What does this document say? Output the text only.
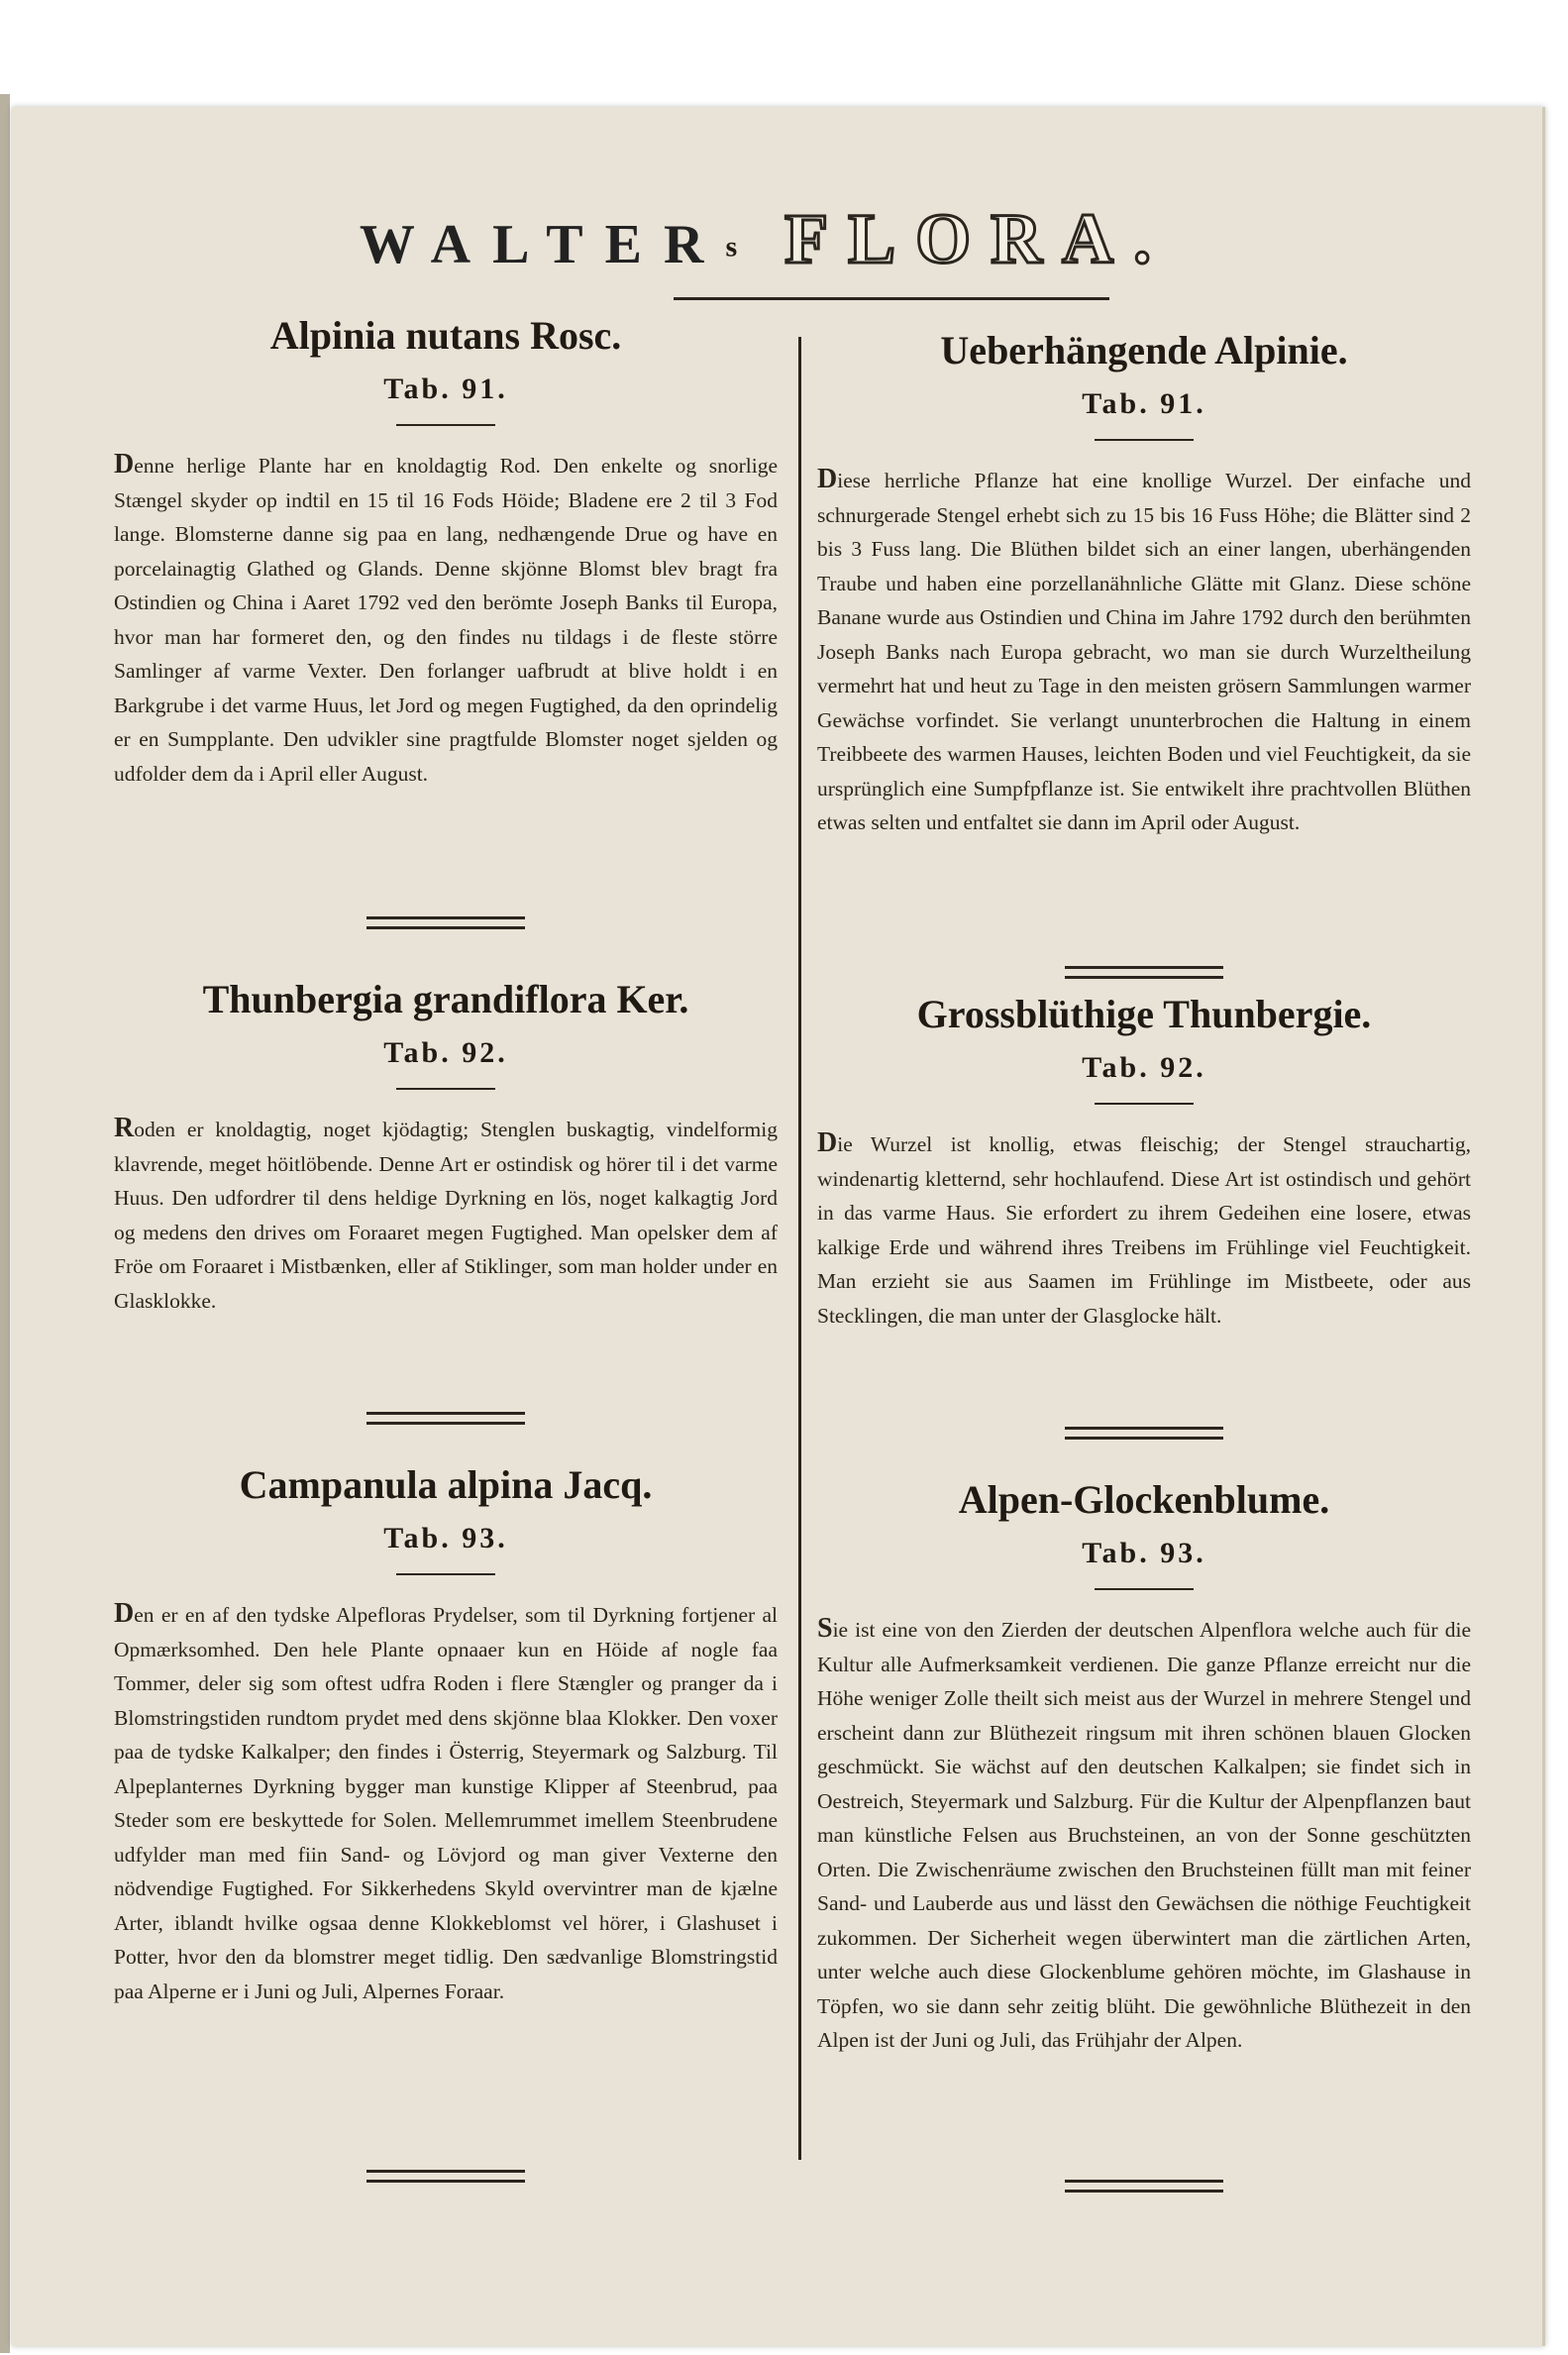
WALTERs FLORA.
Alpinia nutans Rosc.
Tab. 91.

Denne herlige Plante har en knoldagtig Rod. Den enkelte og snorlige Stængel skyder op indtil en 15 til 16 Fods Höide; Bladene ere 2 til 3 Fod lange. Blomsterne danne sig paa en lang, nedhængende Drue og have en porcelainagtig Glathed og Glands. Denne skjönne Blomst blev bragt fra Ostindien og China i Aaret 1792 ved den berömte Joseph Banks til Europa, hvor man har formeret den, og den findes nu tildags i de fleste större Samlinger af varme Vexter. Den forlanger uafbrudt at blive holdt i en Barkgrube i det varme Huus, let Jord og megen Fugtighed, da den oprindelig er en Sumpplante. Den udvikler sine pragtfulde Blomster noget sjelden og udfolder dem da i April eller August.

Thunbergia grandiflora Ker.
Tab. 92.

Roden er knoldagtig, noget kjödagtig; Stenglen buskagtig, vindelformig klavrende, meget höitlöbende. Denne Art er ostindisk og hörer til i det varme Huus. Den udfordrer til dens heldige Dyrkning en lös, noget kalkagtig Jord og medens den drives om Foraaret megen Fugtighed. Man opelsker dem af Fröe om Foraaret i Mistbænken, eller af Stiklinger, som man holder under en Glasklokke.

Campanula alpina Jacq.
Tab. 93.

Den er en af den tydske Alpefloras Prydelser, som til Dyrkning fortjener al Opmærksomhed. Den hele Plante opnaaer kun en Höide af nogle faa Tommer, deler sig som oftest udfra Roden i flere Stængler og pranger da i Blomstringstiden rundtom prydet med dens skjönne blaa Klokker. Den voxer paa de tydske Kalkalper; den findes i Österrig, Steyermark og Salzburg. Til Alpeplanternes Dyrkning bygger man kunstige Klipper af Steenbrud, paa Steder som ere beskyttede for Solen. Mellemrummet imellem Steenbrudene udfylder man med fiin Sand- og Lövjord og man giver Vexterne den nödvendige Fugtighed. For Sikkerhedens Skyld overvintrer man de kjælne Arter, iblandt hvilke ogsaa denne Klokkeblomst vel hörer, i Glashuset i Potter, hvor den da blomstrer meget tidlig. Den sædvanlige Blomstringstid paa Alperne er i Juni og Juli, Alpernes Foraar.

Ueberhängende Alpinie.
Tab. 91.

Diese herrliche Pflanze hat eine knollige Wurzel. Der einfache und schnurgerade Stengel erhebt sich zu 15 bis 16 Fuss Höhe; die Blätter sind 2 bis 3 Fuss lang. Die Blüthen bildet sich an einer langen, uberhängenden Traube und haben eine porzellanähnliche Glätte mit Glanz. Diese schöne Banane wurde aus Ostindien und China im Jahre 1792 durch den berühmten Joseph Banks nach Europa gebracht, wo man sie durch Wurzeltheilung vermehrt hat und heut zu Tage in den meisten grösern Sammlungen warmer Gewächse vorfindet. Sie verlangt ununterbrochen die Haltung in einem Treibbeete des warmen Hauses, leichten Boden und viel Feuchtigkeit, da sie ursprünglich eine Sumpfpflanze ist. Sie entwikelt ihre prachtvollen Blüthen etwas selten und entfaltet sie dann im April oder August.

Grossblüthige Thunbergie.
Tab. 92.

Die Wurzel ist knollig, etwas fleischig; der Stengel strauchartig, windenartig kletternd, sehr hochlaufend. Diese Art ist ostindisch und gehört in das varme Haus. Sie erfordert zu ihrem Gedeihen eine losere, etwas kalkige Erde und während ihres Treibens im Frühlinge viel Feuchtigkeit. Man erzieht sie aus Saamen im Frühlinge im Mistbeete, oder aus Stecklingen, die man unter der Glasglocke hält.

Alpen-Glockenblume.
Tab. 93.

Sie ist eine von den Zierden der deutschen Alpenflora welche auch für die Kultur alle Aufmerksamkeit verdienen. Die ganze Pflanze erreicht nur die Höhe weniger Zolle theilt sich meist aus der Wurzel in mehrere Stengel und erscheint dann zur Blüthezeit ringsum mit ihren schönen blauen Glocken geschmückt. Sie wächst auf den deutschen Kalkalpen; sie findet sich in Oestreich, Steyermark und Salzburg. Für die Kultur der Alpenpflanzen baut man künstliche Felsen aus Bruchsteinen, an von der Sonne geschützten Orten. Die Zwischenräume zwischen den Bruchsteinen füllt man mit feiner Sand- und Lauberde aus und lässt den Gewächsen die nöthige Feuchtigkeit zukommen. Der Sicherheit wegen überwintert man die zärtlichen Arten, unter welche auch diese Glockenblume gehören möchte, im Glashause in Töpfen, wo sie dann sehr zeitig blüht. Die gewöhnliche Blüthezeit in den Alpen ist der Juni og Juli, das Frühjahr der Alpen.
